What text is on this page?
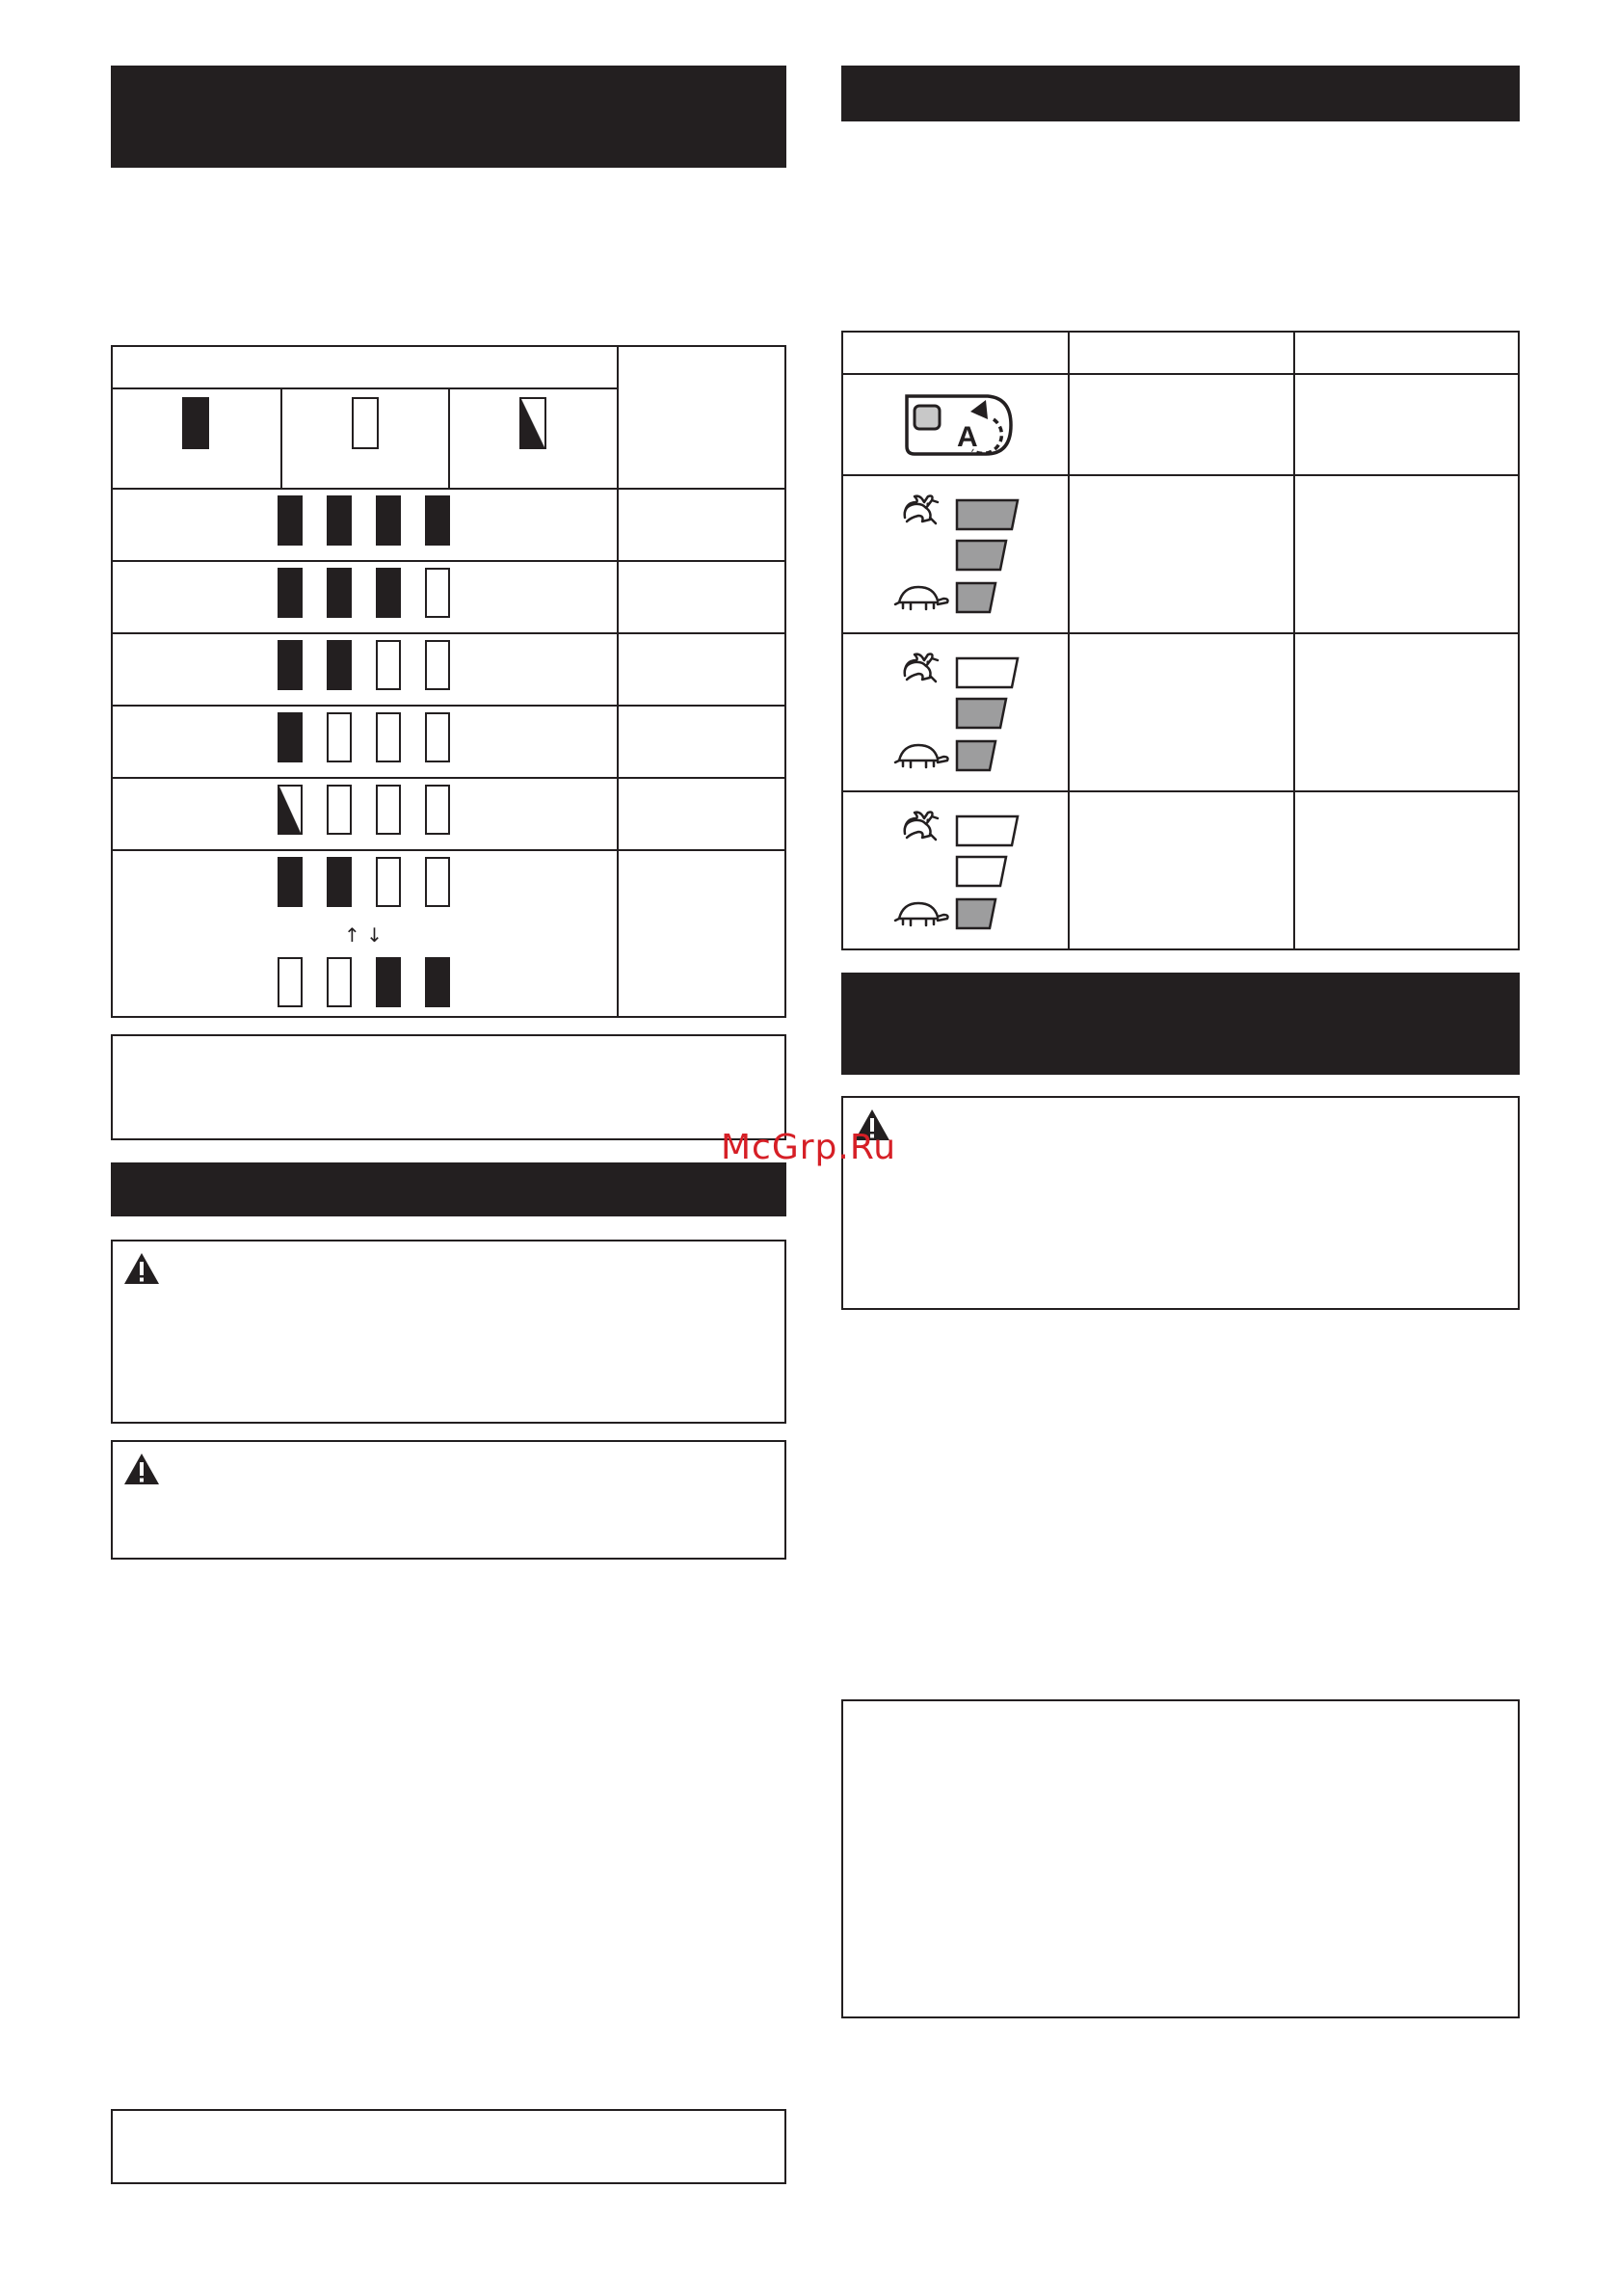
↑ ↓
A
McGrp.Ru
